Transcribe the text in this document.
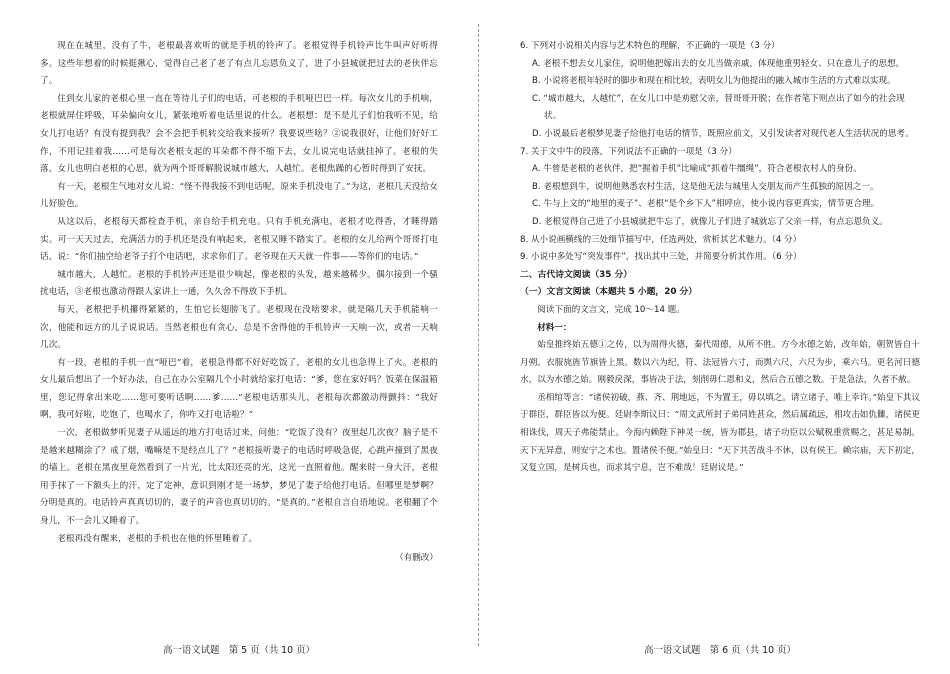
现在在城里，没有了牛，老根最喜欢听的就是手机的铃声了。老根觉得手机铃声比牛叫声好听得多。这些年想着的时候挺揪心，觉得自己老了老了有点儿忘恩负义了，进了小县城就把过去的老伙伴忘了。

住到女儿家的老根心里一直在等待儿子们的电话，可老根的手机哑巴巴一样。每次女儿的手机响，老根就屏住呼吸，耳朵偏向女儿，紧张地听着电话里说的什么。老根想：是不是儿子们怕我听不见，给女儿打电话？有没有提到我？会不会把手机转交给我来接听？我要说些啥？②说我很好，让他们好好工作，不用记挂着我……可是每次老根支起的耳朵都不得不缩下去，女儿说完电话就挂掉了。老根的失落，女儿也明白老根的心思，就为两个哥哥解脱说城市越大，人越忙。老根焦躁的心暂时得到了安抚。

有一天，老根生气地对女儿说：“怪不得我接不到电话呢，原来手机没电了。”为这，老根几天没给女儿好脸色。

从这以后，老根每天都检查手机，亲自给手机充电。只有手机充满电，老根才吃得香，才睡得踏实。可一天天过去，充满活力的手机还是没有响起来，老根又睡不踏实了。老根的女儿给两个哥哥打电话，说：“你们抽空给老爷子打个电话吧，求求你们了。老爷现在天天就一件事——等你们的电话。”

城市越大，人越忙。老根的手机铃声还是很少响起，像老根的头发，越来越稀少。偶尔接到一个骚扰电话，③老根也激动得跟人家讲上一通，久久舍不得放下手机。

每天，老根把手机攥得紧紧的，生怕它长翅膀飞了。老根现在没啥要求，就是隔几天手机能响一次，他能和远方的儿子说说话。当然老根也有贪心，总是不舍得他的手机铃声一天响一次，或者一天响几次。

有一段，老根的手机一直“哑巴”着，老根急得都不好好吃饭了，老根的女儿也急得上了火。老根的女儿最后想出了一个好办法，自己在办公室隔几个小时就给家打电话：“爹，您在家好吗？饭菜在保温箱里，您记得拿出来吃……您可要听话啊……爹……”老根电话那头儿，老根每次都激动得颤抖：“我好啊，我可好啦，吃饱了，也喝水了，你咋又打电话啦？”

一次，老根做梦听见妻子从遥远的地方打电话过来，问他：“吃饭了没有？夜里起几次夜？脑子是不是越来越糊涂了？戒了烟，嘴嘛是不是经点儿了？”老根接听妻子的电话时呼吸急促，心跳声撞到了黑夜的墙上。老根在黑夜里竟然看到了一片光，比太阳还亮的光，这光一直照着他。醒来时一身大汗，老根用手抹了一下额头上的汗，定了定神，意识到刚才是一场梦，梦见了妻子给他打电话。但哪里是梦啊？分明是真的。电话铃声真真切切的，妻子的声音也真切切的。“是真的。”老根自言自语地说。老根翻了个身儿，不一会儿又睡着了。

老根再没有醒来，老根的手机也在他的怀里睡着了。

（有删改）
高一语文试题　第 5 页（共 10 页）

6. 下列对小说相关内容与艺术特色的理解，不正确的一项是（3 分）

A. 老根不想去女儿家住，说明他把嫁出去的女儿当做亲戚，体现他重男轻女、只在意儿子的思想。

B. 小说将老根年轻时的脚步和现在相比较，表明女儿为他提出的融入城市生活的方式难以实现。

C. “城市越大，人越忙”，在女儿口中是劝慰父亲，替哥哥开脱；在作者笔下则点出了如今的社会现状。

D. 小说最后老根梦见妻子给他打电话的情节，既照应前文，又引发读者对现代老人生活状况的思考。

7. 关于文中牛的段落，下列说法不正确的一项是（3 分）

A. 牛曾是老根的老伙伴，把“握着手机”比喻成“抓着牛缰绳”，符合老根农村人的身份。

B. 老根想到牛，说明他熟悉农村生活，这是他无法与城里人交朋友而产生孤独的原因之一。

C. 牛与上文的“地里的麦子”、老根“是个乡下人”相呼应，使小说内容更真实，情节更合理。

D. 老根觉得自己进了小县城就把牛忘了，就像儿子们进了城就忘了父亲一样，有点忘恩负义。

8. 从小说画横线的三处细节描写中，任选两处，赏析其艺术魅力。（4 分）

9. 小说中多处写“突发事件”，找出其中三处，并简要分析其作用。（6 分）

二、古代诗文阅读（35 分）

（一）文言文阅读（本题共 5 小题，20 分）

阅读下面的文言文，完成 10～14 题。

材料一：

始皇推终始五德①之传，以为周得火德，秦代周德，从所不胜。方今水德之始，改年始，朝贺皆自十月朔。衣服旄旌节旗皆上黑。数以六为纪，符、法冠皆六寸，而舆六尺，六尺为步，乘六马。更名河曰德水，以为水德之始。刚毅戾深，事皆决于法，刻削毋仁恩和义，然后合五德之数。于是急法，久者不赦。

丞相绾等言：“诸侯初破，燕、齐、荆地远，不为置王，毋以填之。请立诸子，唯上幸许。”始皇下其议于群臣，群臣皆以为便。廷尉李斯议曰：“周文武所封子弟同姓甚众，然后属疏远，相攻击如仇雠，诸侯更相诛伐，周天子弗能禁止。今海内赖陛下神灵一统，皆为郡县，诸子功臣以公赋税重赏赐之，甚足易制。天下无异意，则安宁之术也。置诸侯不便。”始皇曰：“天下共苦战斗不休，以有侯王。赖宗庙，天下初定，又复立国，是树兵也，而求其宁息，岂不难哉！廷尉议是。”

高一语文试题　第 6 页（共 10 页）
